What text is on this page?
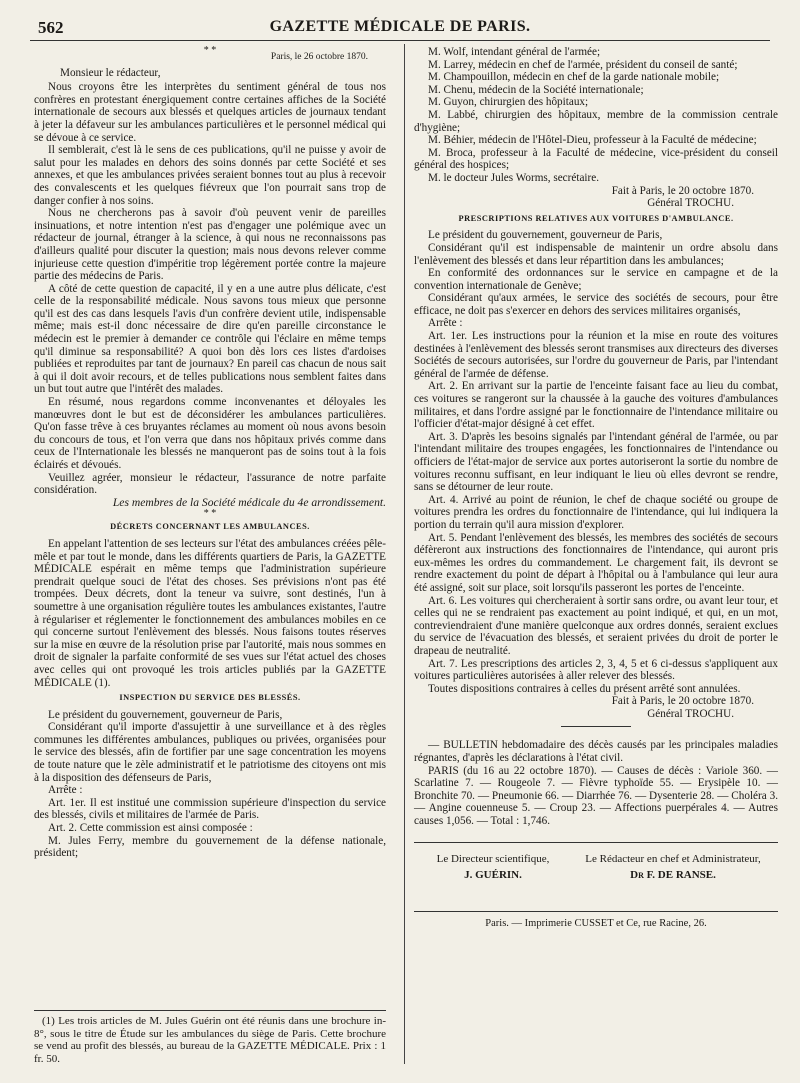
562	GAZETTE MÉDICALE DE PARIS.
* *
Paris, le 26 octobre 1870.

Monsieur le rédacteur,

Nous croyons être les interprètes du sentiment général de tous nos confrères en protestant énergiquement contre certaines affiches de la Société internationale de secours aux blessés et quelques articles de journaux tendant à jeter la défaveur sur les ambulances particulières et le personnel médical qui se dévoue à ce service.

Il semblerait, c'est là le sens de ces publications, qu'il ne puisse y avoir de salut pour les malades en dehors des soins donnés par cette Société et ses annexes, et que les ambulances privées seraient bonnes tout au plus à recevoir des convalescents et les quelques fiévreux que l'on pourrait sans trop de danger confier à nos soins.

Nous ne chercherons pas à savoir d'où peuvent venir de pareilles insinuations, et notre intention n'est pas d'engager une polémique avec un rédacteur de journal, étranger à la science, à qui nous ne reconnaissons pas d'ailleurs qualité pour discuter la question; mais nous devons relever comme injurieuse cette question d'impéritie trop légèrement portée contre la majeure partie des médecins de Paris.

A côté de cette question de capacité, il y en a une autre plus délicate, c'est celle de la responsabilité médicale. Nous savons tous mieux que personne qu'il est des cas dans lesquels l'avis d'un confrère devient utile, indispensable même; mais est-il donc nécessaire de dire qu'en pareille circonstance le médecin est le premier à demander ce contrôle qui l'éclaire en même temps qu'il diminue sa responsabilité? A quoi bon dès lors ces listes d'ardoises publiées et reproduites par tant de journaux? En pareil cas chacun de nous sait à qui il doit avoir recours, et de telles publications nous semblent faites dans un but tout autre que l'intérêt des malades.

En résumé, nous regardons comme inconvenantes et déloyales les manœuvres dont le but est de déconsidérer les ambulances particulières. Qu'on fasse trêve à ces bruyantes réclames au moment où nous avons besoin du concours de tous, et l'on verra que dans nos hôpitaux privés comme dans ceux de l'Internationale les blessés ne manqueront pas de soins tout à la fois éclairés et dévoués.

Veuillez agréer, monsieur le rédacteur, l'assurance de notre parfaite considération.

Les membres de la Société médicale du 4e arrondissement.

* *
DÉCRETS CONCERNANT LES AMBULANCES.

En appelant l'attention de ses lecteurs sur l'état des ambulances créées pêle-mêle et par tout le monde, dans les différents quartiers de Paris, la GAZETTE MÉDICALE espérait en même temps que l'administration supérieure prendrait quelque souci de l'état des choses. Ses prévisions n'ont pas été trompées. Deux décrets, dont la teneur va suivre, sont destinés, l'un à soumettre à une organisation régulière toutes les ambulances existantes, l'autre à régulariser et réglementer le fonctionnement des ambulances mobiles en ce qui concerne surtout l'enlèvement des blessés. Nous faisons toutes réserves sur la mise en œuvre de la résolution prise par l'autorité, mais nous sommes en droit de signaler la parfaite conformité de ses vues sur l'état actuel des choses avec celles qui ont provoqué les trois articles publiés par la GAZETTE MÉDICALE (1).

INSPECTION DU SERVICE DES BLESSÉS.

Le président du gouvernement, gouverneur de Paris,

Considérant qu'il importe d'assujettir à une surveillance et à des règles communes les différentes ambulances, publiques ou privées, organisées pour le service des blessés, afin de fortifier par une sage concentration les moyens de toute nature que le zèle administratif et le patriotisme des citoyens ont mis à la disposition des défenseurs de Paris,

Arrête :

Art. 1er. Il est institué une commission supérieure d'inspection du service des blessés, civils et militaires de l'armée de Paris.

Art. 2. Cette commission est ainsi composée :

M. Jules Ferry, membre du gouvernement de la défense nationale, président;

(1) Les trois articles de M. Jules Guérin ont été réunis dans une brochure in-8°, sous le titre de Étude sur les ambulances du siège de Paris. Cette brochure se vend au profit des blessés, au bureau de la GAZETTE MÉDICALE. Prix : 1 fr. 50.

M. Wolf, intendant général de l'armée;

M. Larrey, médecin en chef de l'armée, président du conseil de santé;

M. Champouillon, médecin en chef de la garde nationale mobile;

M. Chenu, médecin de la Société internationale;

M. Guyon, chirurgien des hôpitaux;

M. Labbé, chirurgien des hôpitaux, membre de la commission centrale d'hygiène;

M. Béhier, médecin de l'Hôtel-Dieu, professeur à la Faculté de médecine;

M. Broca, professeur à la Faculté de médecine, vice-président du conseil général des hospices;

M. le docteur Jules Worms, secrétaire.

Fait à Paris, le 20 octobre 1870.

Général TROCHU.

PRESCRIPTIONS RELATIVES AUX VOITURES D'AMBULANCE.

Le président du gouvernement, gouverneur de Paris,

Considérant qu'il est indispensable de maintenir un ordre absolu dans l'enlèvement des blessés et dans leur répartition dans les ambulances;

En conformité des ordonnances sur le service en campagne et de la convention internationale de Genève;

Considérant qu'aux armées, le service des sociétés de secours, pour être efficace, ne doit pas s'exercer en dehors des services militaires organisés,

Arrête :

Art. 1er. Les instructions pour la réunion et la mise en route des voitures destinées à l'enlèvement des blessés seront transmises aux directeurs des diverses Sociétés de secours autorisées, sur l'ordre du gouverneur de Paris, par l'intendant général de l'armée de défense.

Art. 2. En arrivant sur la partie de l'enceinte faisant face au lieu du combat, ces voitures se rangeront sur la chaussée à la gauche des voitures d'ambulances militaires, et dans l'ordre assigné par le fonctionnaire de l'intendance militaire ou l'officier d'état-major désigné à cet effet.

Art. 3. D'après les besoins signalés par l'intendant général de l'armée, ou par l'intendant militaire des troupes engagées, les fonctionnaires de l'intendance ou officiers de l'état-major de service aux portes autoriseront la sortie du nombre de voitures reconnu suffisant, en leur indiquant le lieu où elles devront se rendre, sans se détourner de leur route.

Art. 4. Arrivé au point de réunion, le chef de chaque société ou groupe de voitures prendra les ordres du fonctionnaire de l'intendance, qui lui indiquera la portion du terrain qu'il aura mission d'explorer.

Art. 5. Pendant l'enlèvement des blessés, les membres des sociétés de secours défèreront aux instructions des fonctionnaires de l'intendance, qui auront pris eux-mêmes les ordres du commandement. Le chargement fait, ils devront se rendre exactement du point de départ à l'hôpital ou à l'ambulance qui leur aura été assigné, soit sur place, soit lorsqu'ils passeront les portes de l'enceinte.

Art. 6. Les voitures qui chercheraient à sortir sans ordre, ou avant leur tour, et celles qui ne se rendraient pas exactement au point indiqué, et qui, en un mot, contreviendraient d'une manière quelconque aux ordres donnés, seraient exclues du service de l'évacuation des blessés, et seraient privées du droit de porter le drapeau de neutralité.

Art. 7. Les prescriptions des articles 2, 3, 4, 5 et 6 ci-dessus s'appliquent aux voitures particulières autorisées à aller relever des blessés.

Toutes dispositions contraires à celles du présent arrêté sont annulées.

Fait à Paris, le 20 octobre 1870.

Général TROCHU.

— BULLETIN hebdomadaire des décès causés par les principales maladies régnantes, d'après les déclarations à l'état civil.

PARIS (du 16 au 22 octobre 1870). — Causes de décès : Variole 360. — Scarlatine 7. — Rougeole 7. — Fièvre typhoïde 55. — Erysipèle 10. — Bronchite 70. — Pneumonie 66. — Diarrhée 76. — Dysenterie 28. — Choléra 3. — Angine couenneuse 5. — Croup 23. — Affections puerpérales 4. — Autres causes 1,056. — Total : 1,746.

Le Directeur scientifique,
J. GUÉRIN.
Le Rédacteur en chef et Administrateur,
Dr F. DE RANSE.
Paris. — Imprimerie CUSSET et Ce, rue Racine, 26.
